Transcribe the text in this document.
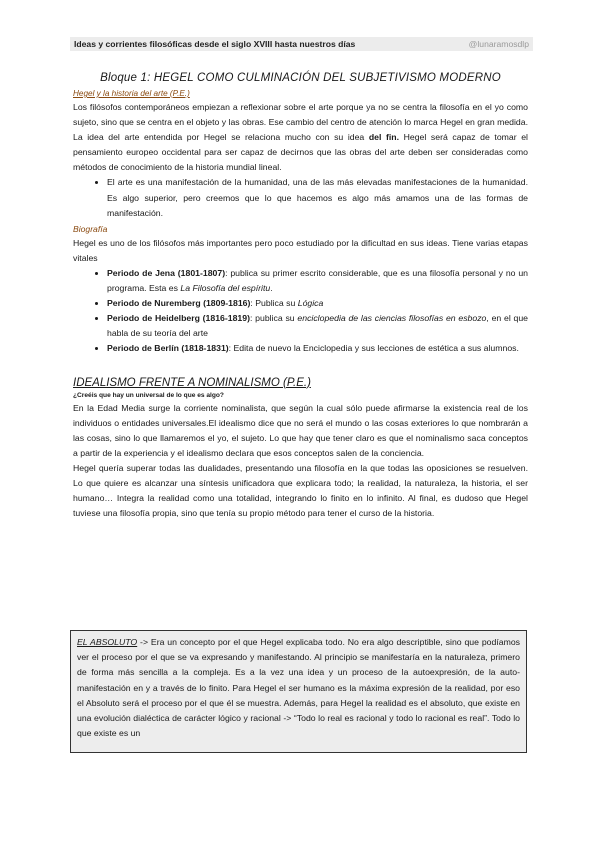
Ideas y corrientes filosóficas desde el siglo XVIII hasta nuestros días	@lunaramosdlp
Bloque 1: HEGEL COMO CULMINACIÓN DEL SUBJETIVISMO MODERNO
Hegel y la historia del arte (P.E.)

Los filósofos contemporáneos empiezan a reflexionar sobre el arte porque ya no se centra la filosofía en el yo como sujeto, sino que se centra en el objeto y las obras. Ese cambio del centro de atención lo marca Hegel en gran medida. La idea del arte entendida por Hegel se relaciona mucho con su idea del fin. Hegel será capaz de tomar el pensamiento europeo occidental para ser capaz de decirnos que las obras del arte deben ser consideradas como métodos de conocimiento de la historia mundial lineal.

• El arte es una manifestación de la humanidad, una de las más elevadas manifestaciones de la humanidad. Es algo superior, pero creemos que lo que hacemos es algo más amamos una de las formas de manifestación.
Biografía

Hegel es uno de los filósofos más importantes pero poco estudiado por la dificultad en sus ideas. Tiene varias etapas vitales

• Periodo de Jena (1801-1807): publica su primer escrito considerable, que es una filosofía personal y no un programa. Esta es La Filosofía del espíritu.
• Periodo de Nuremberg (1809-1816): Publica su Lógica
• Periodo de Heidelberg (1816-1819): publica su enciclopedia de las ciencias filosofías en esbozo, en el que habla de su teoría del arte
• Periodo de Berlín (1818-1831): Edita de nuevo la Enciclopedia y sus lecciones de estética a sus alumnos.
IDEALISMO FRENTE A NOMINALISMO (P.E.)
¿Creéis que hay un universal de lo que es algo?

En la Edad Media surge la corriente nominalista, que según la cual sólo puede afirmarse la existencia real de los individuos o entidades universales.El idealismo dice que no será el mundo o las cosas exteriores lo que nombrarán a las cosas, sino lo que llamaremos el yo, el sujeto. Lo que hay que tener claro es que el nominalismo saca conceptos a partir de la experiencia y el idealismo declara que esos conceptos salen de la conciencia.

Hegel quería superar todas las dualidades, presentando una filosofía en la que todas las oposiciones se resuelven. Lo que quiere es alcanzar una síntesis unificadora que explicara todo; la realidad, la naturaleza, la historia, el ser humano… Integra la realidad como una totalidad, integrando lo finito en lo infinito. Al final, es dudoso que Hegel tuviese una filosofía propia, sino que tenía su propio método para tener el curso de la historia.

EL ABSOLUTO -> Era un concepto por el que Hegel explicaba todo. No era algo descriptible, sino que podíamos ver el proceso por el que se va expresando y manifestando. Al principio se manifestaría en la naturaleza, primero de forma más sencilla a la compleja. Es a la vez una idea y un proceso de la autoexpresión, de la auto-manifestación en y a través de lo finito. Para Hegel el ser humano es la máxima expresión de la realidad, por eso el Absoluto será el proceso por el que él se muestra. Además, para Hegel la realidad es el absoluto, que existe en una evolución dialéctica de carácter lógico y racional -> “Todo lo real es racional y todo lo racional es real”. Todo lo que existe es un
